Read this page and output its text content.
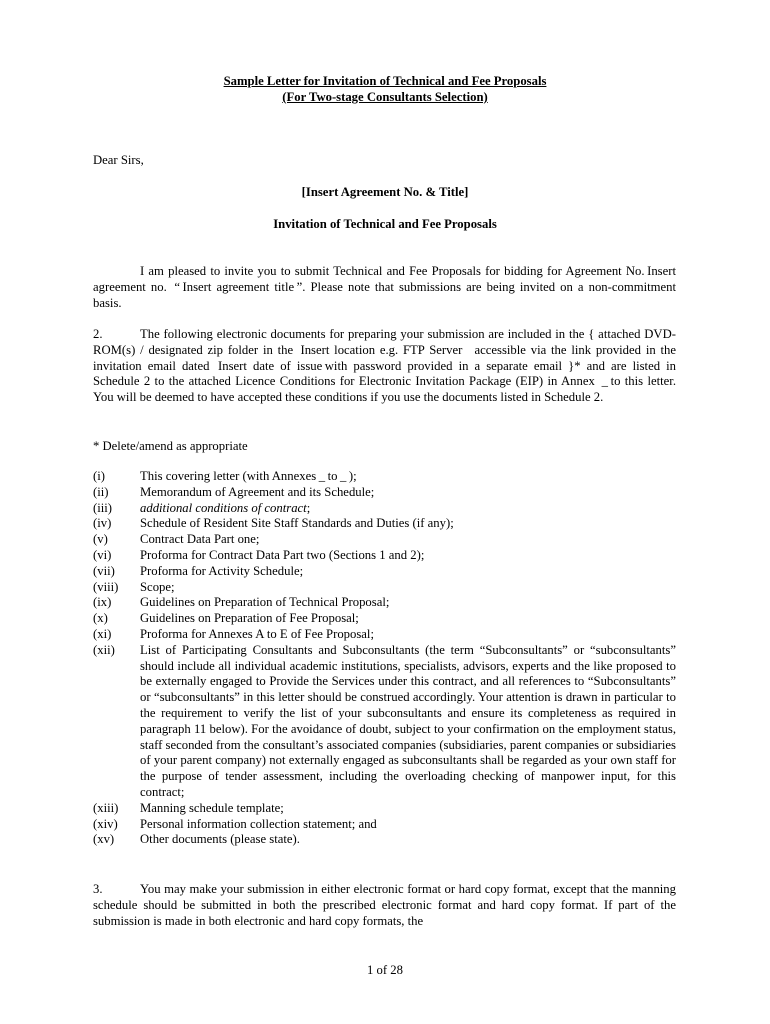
Sample Letter for Invitation of Technical and Fee Proposals
(For Two-stage Consultants Selection)
Dear Sirs,
[Insert Agreement No. & Title]
Invitation of Technical and Fee Proposals
I am pleased to invite you to submit Technical and Fee Proposals for bidding for Agreement No. Insert agreement no.  “ Insert agreement title ”. Please note that submissions are being invited on a non-commitment basis.
2.	The following electronic documents for preparing your submission are included in the { attached DVD-ROM(s) / designated zip folder in the  Insert location e.g. FTP Server   accessible via the link provided in the invitation email dated  Insert date of issue with password provided in a separate email }* and are listed in Schedule 2 to the attached Licence Conditions for Electronic Invitation Package (EIP) in Annex  _ to this letter. You will be deemed to have accepted these conditions if you use the documents listed in Schedule 2.
* Delete/amend as appropriate
(i)	This covering letter (with Annexes _ to _ );
(ii)	Memorandum of Agreement and its Schedule;
(iii)	additional conditions of contract;
(iv)	Schedule of Resident Site Staff Standards and Duties (if any);
(v)	Contract Data Part one;
(vi)	Proforma for Contract Data Part two (Sections 1 and 2);
(vii)	Proforma for Activity Schedule;
(viii)	Scope;
(ix)	Guidelines on Preparation of Technical Proposal;
(x)	Guidelines on Preparation of Fee Proposal;
(xi)	Proforma for Annexes A to E of Fee Proposal;
(xii)	List of Participating Consultants and Subconsultants (the term “Subconsultants” or “subconsultants” should include all individual academic institutions, specialists, advisors, experts and the like proposed to be externally engaged to Provide the Services under this contract, and all references to “Subconsultants” or “subconsultants” in this letter should be construed accordingly. Your attention is drawn in particular to the requirement to verify the list of your subconsultants and ensure its completeness as required in paragraph 11 below). For the avoidance of doubt, subject to your confirmation on the employment status, staff seconded from the consultant’s associated companies (subsidiaries, parent companies or subsidiaries of your parent company) not externally engaged as subconsultants shall be regarded as your own staff for the purpose of tender assessment, including the overloading checking of manpower input, for this contract;
(xiii)	Manning schedule template;
(xiv)	Personal information collection statement; and
(xv)	Other documents (please state).
3.	You may make your submission in either electronic format or hard copy format, except that the manning schedule should be submitted in both the prescribed electronic format and hard copy format. If part of the submission is made in both electronic and hard copy formats, the
1 of 28
